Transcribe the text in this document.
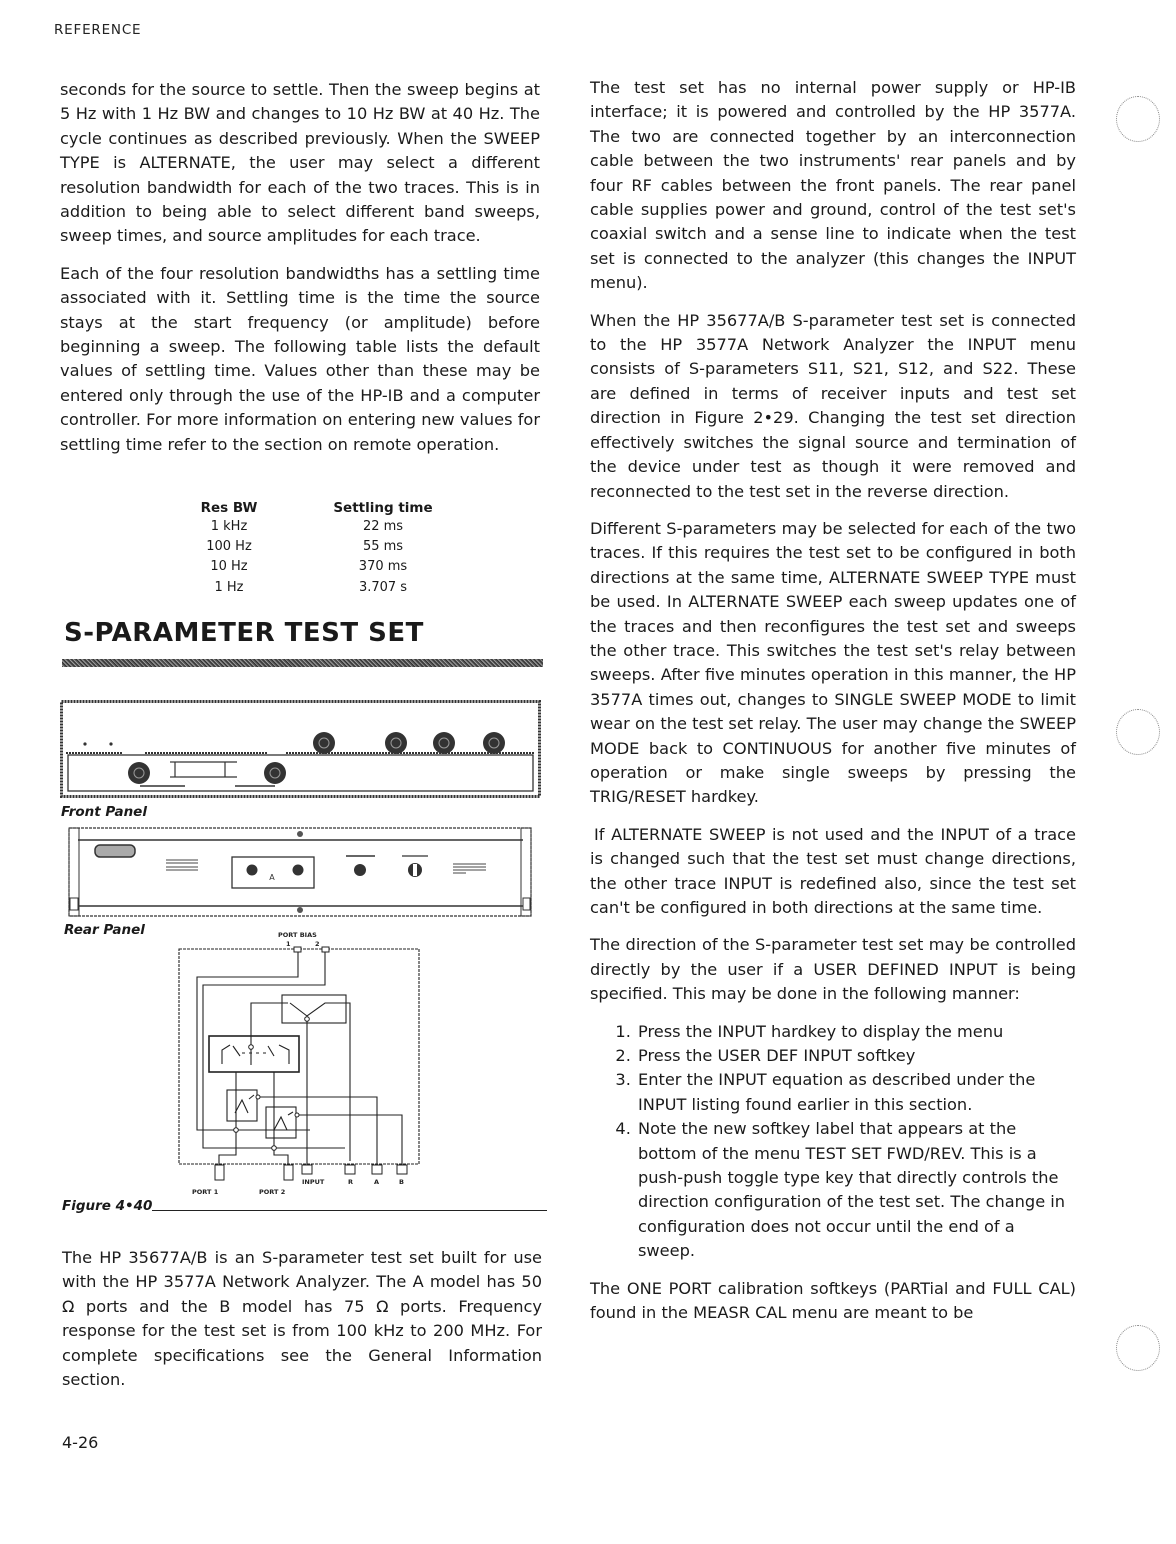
REFERENCE

seconds for the source to settle. Then the sweep begins at 5 Hz with 1 Hz BW and changes to 10 Hz BW at 40 Hz. The cycle continues as described previously. When the SWEEP TYPE is ALTERNATE, the user may select a different resolution bandwidth for each of the two traces. This is in addition to being able to select different band sweeps, sweep times, and source amplitudes for each trace.

Each of the four resolution bandwidths has a settling time associated with it. Settling time is the time the source stays at the start frequency (or amplitude) before beginning a sweep. The following table lists the default values of settling time. Values other than these may be entered only through the use of the HP-IB and a computer controller. For more information on entering new values for settling time refer to the section on remote operation.

Res BW	Settling time
1 kHz	22 ms
100 Hz	55 ms
10 Hz	370 ms
1 Hz	3.707 s
S-PARAMETER TEST SET
Front Panel
A
Rear Panel	PORT BIAS
1	2
INPUT	R	A	B
PORT 1	PORT 2
Figure 4•40

The HP 35677A/B is an S-parameter test set built for use with the HP 3577A Network Analyzer. The A model has 50 Ω ports and the B model has 75 Ω ports. Frequency response for the test set is from 100 kHz to 200 MHz. For complete specifications see the General Information section.

The test set has no internal power supply or HP-IB interface; it is powered and controlled by the HP 3577A. The two are connected together by an interconnection cable between the two instruments' rear panels and by four RF cables between the front panels. The rear panel cable supplies power and ground, control of the test set's coaxial switch and a sense line to indicate when the test set is connected to the analyzer (this changes the INPUT menu).

When the HP 35677A/B S-parameter test set is connected to the HP 3577A Network Analyzer the INPUT menu consists of S-parameters S11, S21, S12, and S22. These are defined in terms of receiver inputs and test set direction in Figure 2•29. Changing the test set direction effectively switches the signal source and termination of the device under test as though it were removed and reconnected to the test set in the reverse direction.

Different S-parameters may be selected for each of the two traces. If this requires the test set to be configured in both directions at the same time, ALTERNATE SWEEP TYPE must be used. In ALTERNATE SWEEP each sweep updates one of the traces and then reconfigures the test set and sweeps the other trace. This switches the test set's relay between sweeps. After five minutes operation in this manner, the HP 3577A times out, changes to SINGLE SWEEP MODE to limit wear on the test set relay. The user may change the SWEEP MODE back to CONTINUOUS for another five minutes of operation or make single sweeps by pressing the TRIG/RESET hardkey.

If ALTERNATE SWEEP is not used and the INPUT of a trace is changed such that the test set must change directions, the other trace INPUT is redefined also, since the test set can't be configured in both directions at the same time.

The direction of the S-parameter test set may be controlled directly by the user if a USER DEFINED INPUT is being specified. This may be done in the following manner:

1. Press the INPUT hardkey to display the menu
2. Press the USER DEF INPUT softkey
3. Enter the INPUT equation as described under the INPUT listing found earlier in this section.
4. Note the new softkey label that appears at the bottom of the menu TEST SET FWD/REV. This is a push-push toggle type key that directly controls the direction configuration of the test set. The change in configuration does not occur until the end of a sweep.

The ONE PORT calibration softkeys (PARTial and FULL CAL) found in the MEASR CAL menu are meant to be

4-26
